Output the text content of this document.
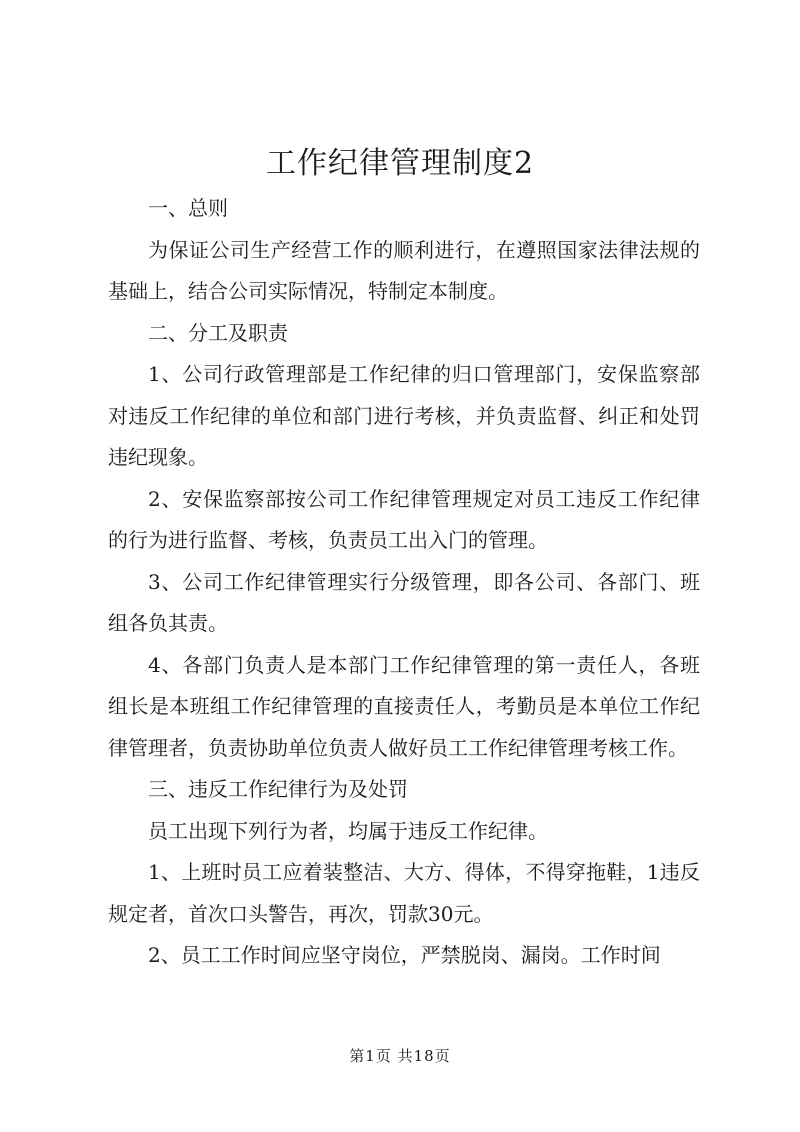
工作纪律管理制度2

一、总则

为保证公司生产经营工作的顺利进行，在遵照国家法律法规的基础上，结合公司实际情况，特制定本制度。

二、分工及职责

1、公司行政管理部是工作纪律的归口管理部门，安保监察部对违反工作纪律的单位和部门进行考核，并负责监督、纠正和处罚违纪现象。

2、安保监察部按公司工作纪律管理规定对员工违反工作纪律的行为进行监督、考核，负责员工出入门的管理。

3、公司工作纪律管理实行分级管理，即各公司、各部门、班组各负其责。

4、各部门负责人是本部门工作纪律管理的第一责任人，各班组长是本班组工作纪律管理的直接责任人，考勤员是本单位工作纪律管理者，负责协助单位负责人做好员工工作纪律管理考核工作。

三、违反工作纪律行为及处罚

员工出现下列行为者，均属于违反工作纪律。

1、上班时员工应着装整洁、大方、得体，不得穿拖鞋，1违反规定者，首次口头警告，再次，罚款30元。

2、员工工作时间应坚守岗位，严禁脱岗、漏岗。工作时间

第1页 共18页
